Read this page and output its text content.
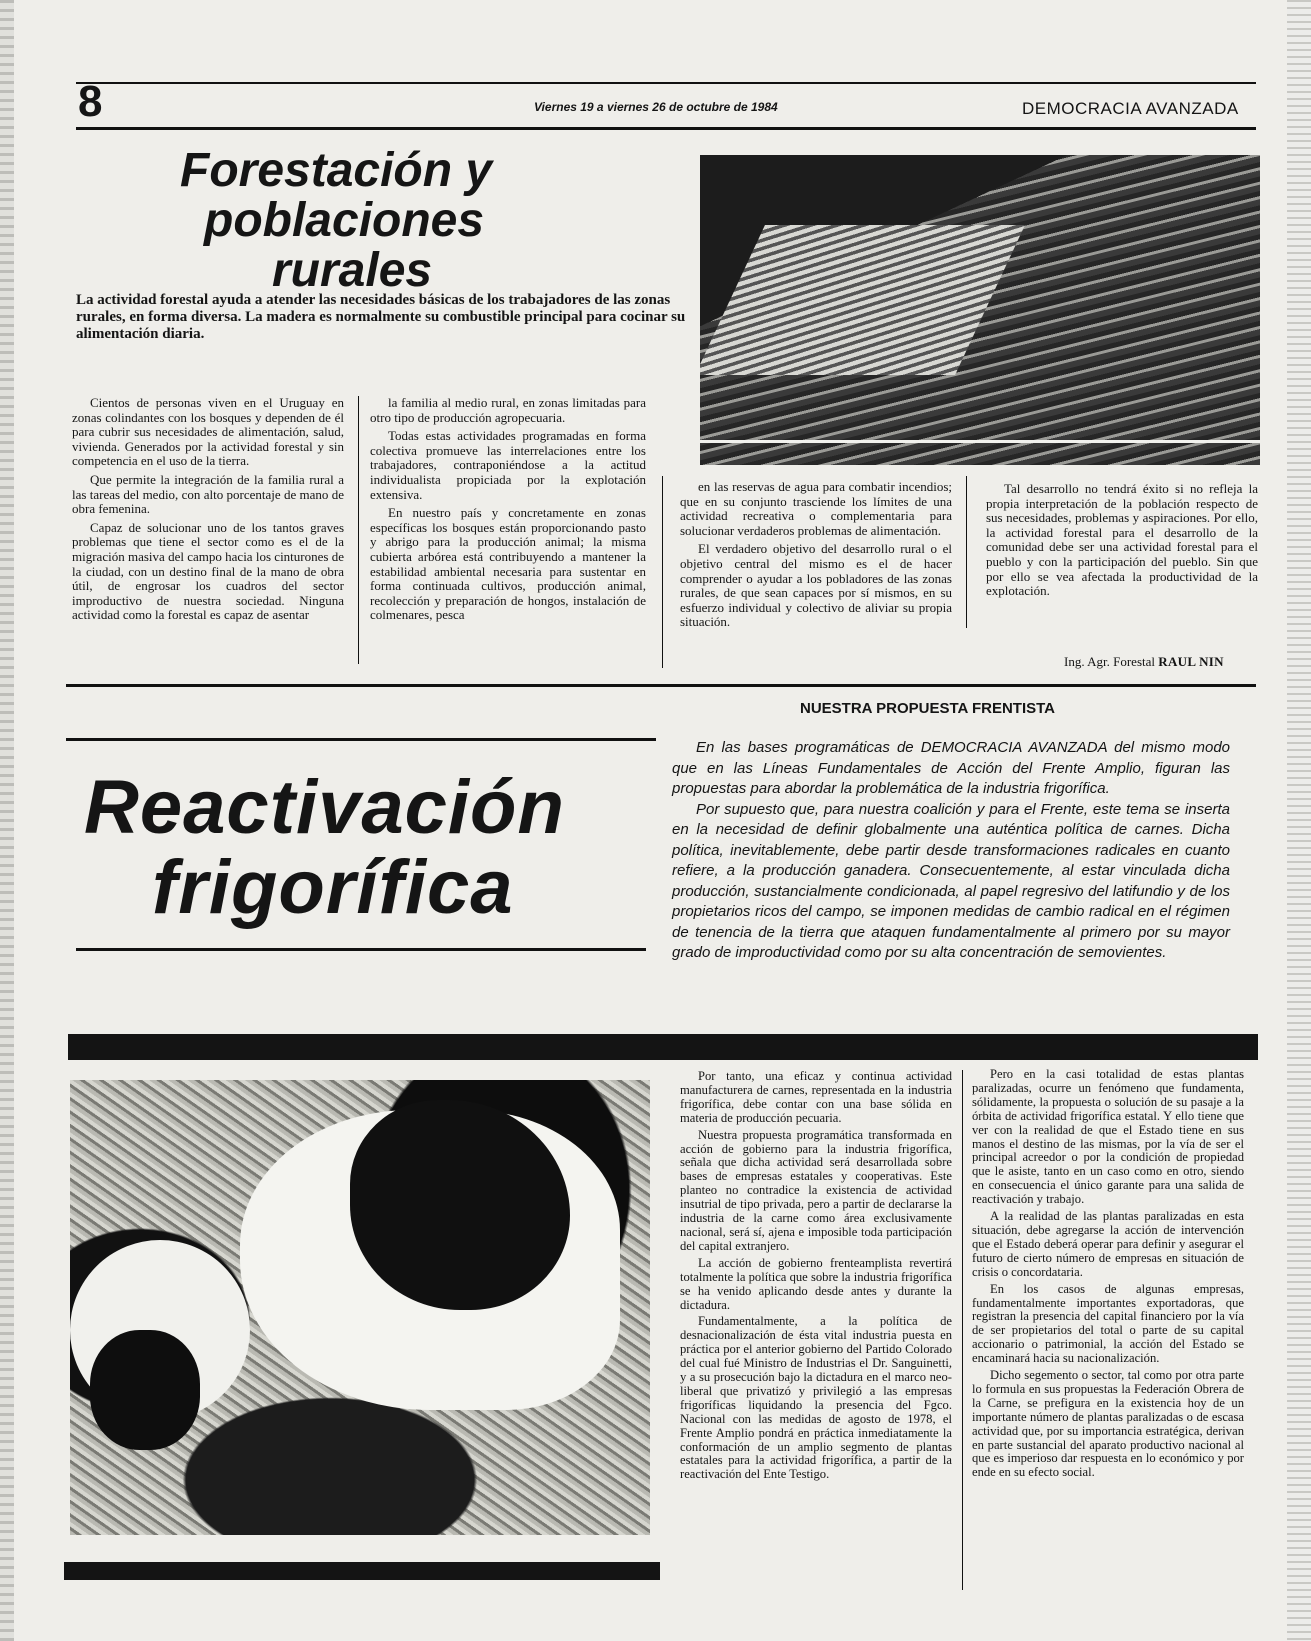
8	Viernes 19 a viernes 26 de octubre de 1984	DEMOCRACIA AVANZADA
Forestación y
poblaciones
rurales
La actividad forestal ayuda a atender las necesidades básicas de los trabajadores de las zonas rurales, en forma diversa. La madera es normalmente su combustible principal para cocinar su alimentación diaria.

Cientos de personas viven en el Uruguay en zonas colindantes con los bosques y dependen de él para cubrir sus necesidades de alimentación, salud, vivienda. Generados por la actividad forestal y sin competencia en el uso de la tierra.

Que permite la integración de la familia rural a las tareas del medio, con alto porcentaje de mano de obra femenina.

Capaz de solucionar uno de los tantos graves problemas que tiene el sector como es el de la migración masiva del campo hacia los cinturones de la ciudad, con un destino final de la mano de obra útil, de engrosar los cuadros del sector improductivo de nuestra sociedad. Ninguna actividad como la forestal es capaz de asentar

la familia al medio rural, en zonas limitadas para otro tipo de producción agropecuaria.

Todas estas actividades programadas en forma colectiva promueve las interrelaciones entre los trabajadores, contraponiéndose a la actitud individualista propiciada por la explotación extensiva.

En nuestro país y concretamente en zonas específicas los bosques están proporcionando pasto y abrigo para la producción animal; la misma cubierta arbórea está contribuyendo a mantener la estabilidad ambiental necesaria para sustentar en forma continuada cultivos, producción animal, recolección y preparación de hongos, instalación de colmenares, pesca

en las reservas de agua para combatir incendios; que en su conjunto trasciende los límites de una actividad recreativa o complementaria para solucionar verdaderos problemas de alimentación.

El verdadero objetivo del desarrollo rural o el objetivo central del mismo es el de hacer comprender o ayudar a los pobladores de las zonas rurales, de que sean capaces por sí mismos, en su esfuerzo individual y colectivo de aliviar su propia situación.

Tal desarrollo no tendrá éxito si no refleja la propia interpretación de la población respecto de sus necesidades, problemas y aspiraciones. Por ello, la actividad forestal para el desarrollo de la comunidad debe ser una actividad forestal para el pueblo y con la participación del pueblo. Sin que por ello se vea afectada la productividad de la explotación.

Ing. Agr. Forestal RAUL NIN
NUESTRA PROPUESTA FRENTISTA
Reactivación
frigorífica

En las bases programáticas de DEMOCRACIA AVANZADA del mismo modo que en las Líneas Fundamentales de Acción del Frente Amplio, figuran las propuestas para abordar la problemática de la industria frigorífica.

Por supuesto que, para nuestra coalición y para el Frente, este tema se inserta en la necesidad de definir globalmente una auténtica política de carnes. Dicha política, inevitablemente, debe partir desde transformaciones radicales en cuanto refiere, a la producción ganadera. Consecuentemente, al estar vinculada dicha producción, sustancialmente condicionada, al papel regresivo del latifundio y de los propietarios ricos del campo, se imponen medidas de cambio radical en el régimen de tenencia de la tierra que ataquen fundamentalmente al primero por su mayor grado de improductividad como por su alta concentración de semovientes.

Por tanto, una eficaz y continua actividad manufacturera de carnes, representada en la industria frigorífica, debe contar con una base sólida en materia de producción pecuaria.

Nuestra propuesta programática transformada en acción de gobierno para la industria frigorífica, señala que dicha actividad será desarrollada sobre bases de empresas estatales y cooperativas. Este planteo no contradice la existencia de actividad insutrial de tipo privada, pero a partir de declararse la industria de la carne como área exclusivamente nacional, será sí, ajena e imposible toda participación del capital extranjero.

La acción de gobierno frenteamplista revertirá totalmente la política que sobre la industria frigorífica se ha venido aplicando desde antes y durante la dictadura.

Fundamentalmente, a la política de desnacionalización de ésta vital industria puesta en práctica por el anterior gobierno del Partido Colorado del cual fué Ministro de Industrias el Dr. Sanguinetti, y a su prosecución bajo la dictadura en el marco neo-liberal que privatizó y privilegió a las empresas frigoríficas liquidando la presencia del Fgco. Nacional con las medidas de agosto de 1978, el Frente Amplio pondrá en práctica inmediatamente la conformación de un amplio segmento de plantas estatales para la actividad frigorífica, a partir de la reactivación del Ente Testigo.

Pero en la casi totalidad de estas plantas paralizadas, ocurre un fenómeno que fundamenta, sólidamente, la propuesta o solución de su pasaje a la órbita de actividad frigorífica estatal. Y ello tiene que ver con la realidad de que el Estado tiene en sus manos el destino de las mismas, por la vía de ser el principal acreedor o por la condición de propiedad que le asiste, tanto en un caso como en otro, siendo en consecuencia el único garante para una salida de reactivación y trabajo.

A la realidad de las plantas paralizadas en esta situación, debe agregarse la acción de intervención que el Estado deberá operar para definir y asegurar el futuro de cierto número de empresas en situación de crisis o concordataria.

En los casos de algunas empresas, fundamentalmente importantes exportadoras, que registran la presencia del capital financiero por la vía de ser propietarios del total o parte de su capital accionario o patrimonial, la acción del Estado se encaminará hacia su nacionalización.

Dicho segemento o sector, tal como por otra parte lo formula en sus propuestas la Federación Obrera de la Carne, se prefigura en la existencia hoy de un importante número de plantas paralizadas o de escasa actividad que, por su importancia estratégica, derivan en parte sustancial del aparato productivo nacional al que es imperioso dar respuesta en lo económico y por ende en su efecto social.
